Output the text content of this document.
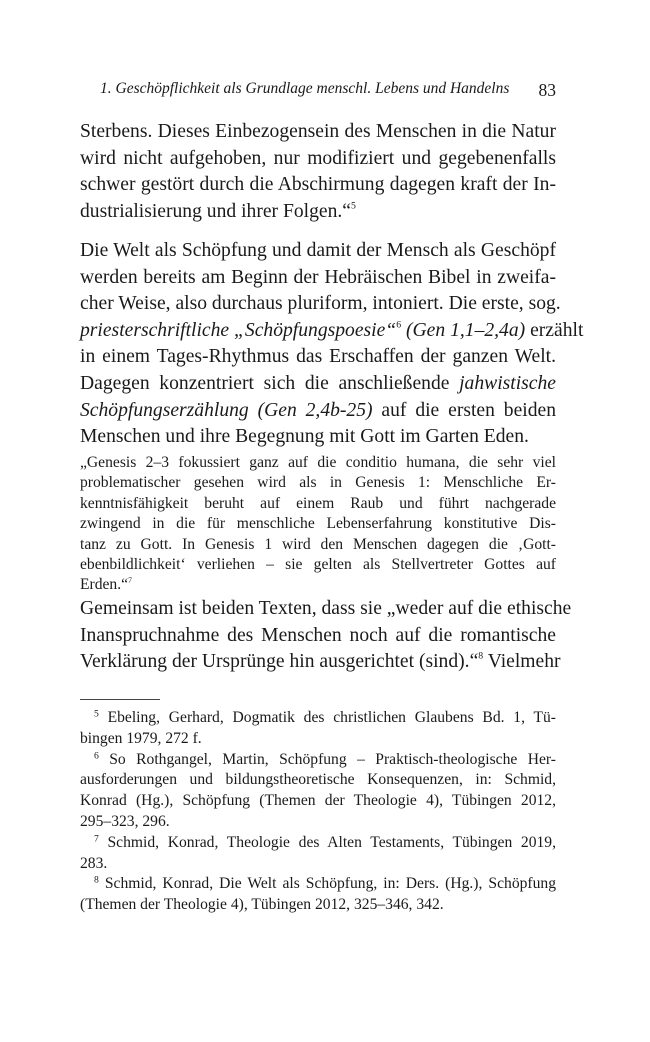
1. Geschöpflichkeit als Grundlage menschl. Lebens und Handelns 83

Sterbens. Dieses Einbezogensein des Menschen in die Natur
wird nicht aufgehoben, nur modifiziert und gegebenenfalls
schwer gestört durch die Abschirmung dagegen kraft der In-
dustrialisierung und ihrer Folgen.“$^5$

Die Welt als Schöpfung und damit der Mensch als Geschöpf
werden bereits am Beginn der Hebräischen Bibel in zweifa-
cher Weise, also durchaus pluriform, intoniert. Die erste, sog.
priesterschriftliche „Schöpfungspoesie“$^6$ (Gen 1,1–2,4a) erzählt
in einem Tages-Rhythmus das Erschaffen der ganzen Welt.
Dagegen konzentriert sich die anschließende jahwistische
Schöpfungserzählung (Gen 2,4b-25) auf die ersten beiden
Menschen und ihre Begegnung mit Gott im Garten Eden.

„Genesis 2–3 fokussiert ganz auf die conditio humana, die sehr viel
problematischer gesehen wird als in Genesis 1: Menschliche Er-
kenntnisfähigkeit beruht auf einem Raub und führt nachgerade
zwingend in die für menschliche Lebenserfahrung konstitutive Dis-
tanz zu Gott. In Genesis 1 wird den Menschen dagegen die ‚Gott-
ebenbildlichkeit‘ verliehen – sie gelten als Stellvertreter Gottes auf
Erden.“$^7$

Gemeinsam ist beiden Texten, dass sie „weder auf die ethische
Inanspruchnahme des Menschen noch auf die romantische
Verklärung der Ursprünge hin ausgerichtet (sind).“$^8$ Vielmehr

$^5$ Ebeling, Gerhard, Dogmatik des christlichen Glaubens Bd. 1, Tü-
bingen 1979, 272 f.
$^6$ So Rothgangel, Martin, Schöpfung – Praktisch-theologische Her-
ausforderungen und bildungstheoretische Konsequenzen, in: Schmid,
Konrad (Hg.), Schöpfung (Themen der Theologie 4), Tübingen 2012,
295–323, 296.
$^7$ Schmid, Konrad, Theologie des Alten Testaments, Tübingen 2019,
283.
$^8$ Schmid, Konrad, Die Welt als Schöpfung, in: Ders. (Hg.), Schöpfung
(Themen der Theologie 4), Tübingen 2012, 325–346, 342.
